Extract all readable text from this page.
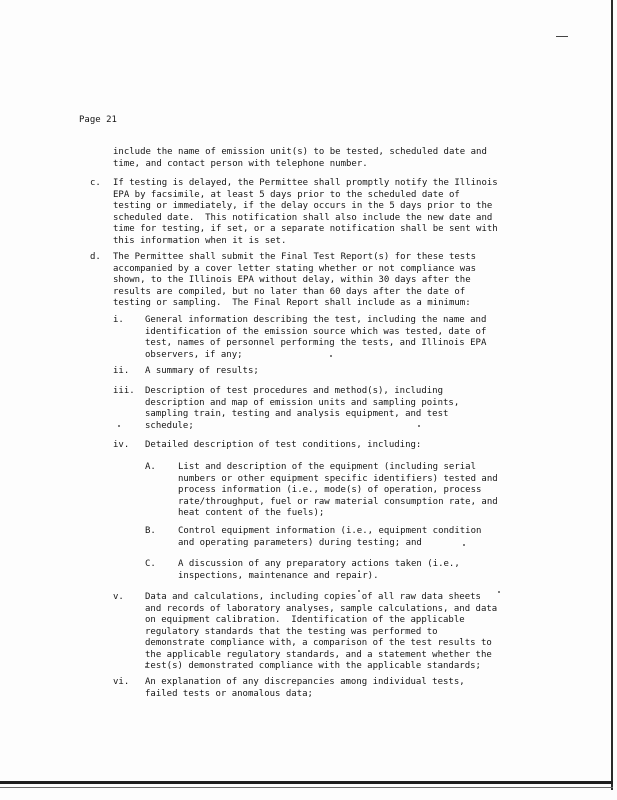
Page 21
include the name of emission unit(s) to be tested, scheduled date and
time, and contact person with telephone number.
c. If testing is delayed, the Permittee shall promptly notify the Illinois
EPA by facsimile, at least 5 days prior to the scheduled date of
testing or immediately, if the delay occurs in the 5 days prior to the
scheduled date.  This notification shall also include the new date and
time for testing, if set, or a separate notification shall be sent with
this information when it is set.
d. The Permittee shall submit the Final Test Report(s) for these tests
accompanied by a cover letter stating whether or not compliance was
shown, to the Illinois EPA without delay, within 30 days after the
results are compiled, but no later than 60 days after the date of
testing or sampling.  The Final Report shall include as a minimum:
i. General information describing the test, including the name and
identification of the emission source which was tested, date of
test, names of personnel performing the tests, and Illinois EPA
observers, if any;
ii. A summary of results;
iii. Description of test procedures and method(s), including
description and map of emission units and sampling points,
sampling train, testing and analysis equipment, and test
schedule;
iv. Detailed description of test conditions, including:
A. List and description of the equipment (including serial
numbers or other equipment specific identifiers) tested and
process information (i.e., mode(s) of operation, process
rate/throughput, fuel or raw material consumption rate, and
heat content of the fuels);
B. Control equipment information (i.e., equipment condition
and operating parameters) during testing; and
C. A discussion of any preparatory actions taken (i.e.,
inspections, maintenance and repair).
v. Data and calculations, including copies of all raw data sheets
and records of laboratory analyses, sample calculations, and data
on equipment calibration.  Identification of the applicable
regulatory standards that the testing was performed to
demonstrate compliance with, a comparison of the test results to
the applicable regulatory standards, and a statement whether the
test(s) demonstrated compliance with the applicable standards;
vi. An explanation of any discrepancies among individual tests,
failed tests or anomalous data;
